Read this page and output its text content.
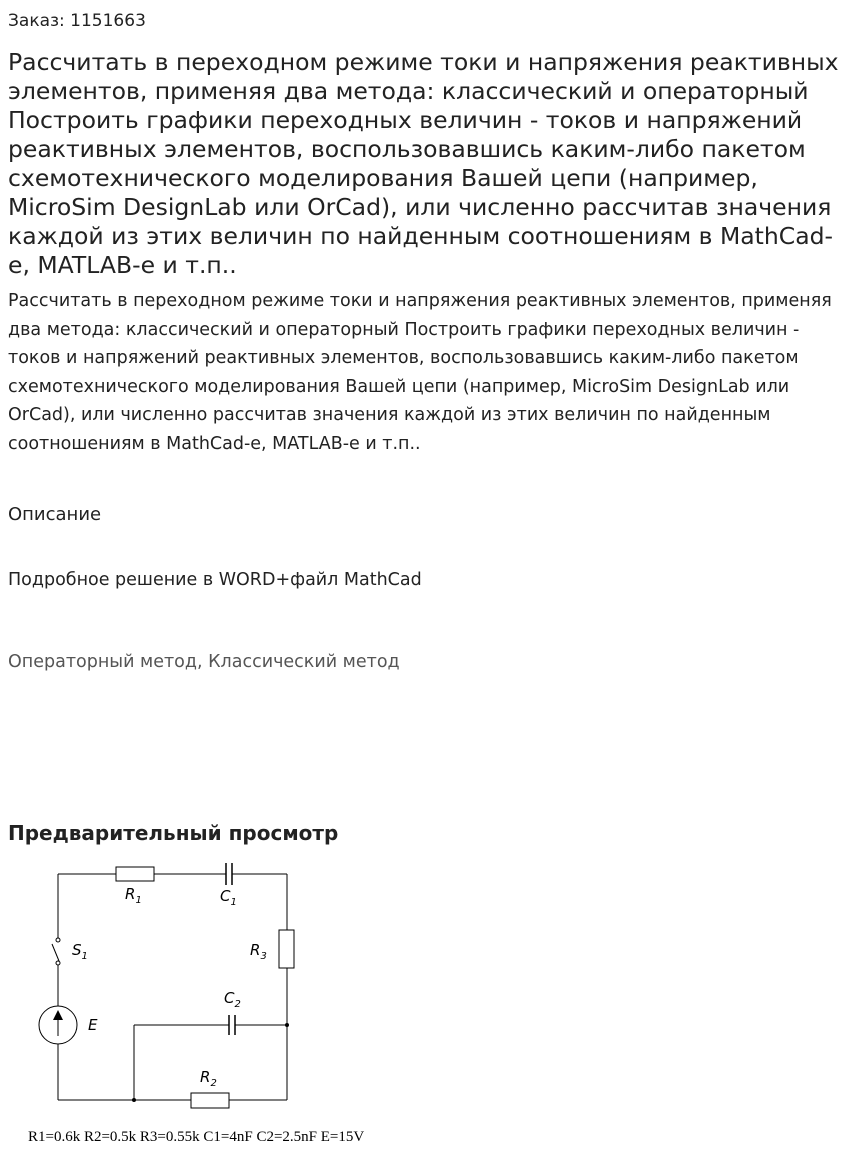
Заказ: 1151663
Рассчитать в переходном режиме токи и напряжения реактивных элементов, применяя два метода: классический и операторный Построить графики переходных величин - токов и напряжений реактивных элементов, воспользовавшись каким-либо пакетом схемотехнического моделирования Вашей цепи (например, MicroSim DesignLab или OrCad), или численно рассчитав значения каждой из этих величин по найденным соотношениям в MathCad-е, MATLAB-е и т.п..

Рассчитать в переходном режиме токи и напряжения реактивных элементов, применяя два метода: классический и операторный Построить графики переходных величин - токов и напряжений реактивных элементов, воспользовавшись каким-либо пакетом схемотехнического моделирования Вашей цепи (например, MicroSim DesignLab или OrCad), или численно рассчитав значения каждой из этих величин по найденным соотношениям в MathCad-е, MATLAB-е и т.п..

Описание
Подробное решение в WORD+файл MathCad
Операторный метод, Классический метод
Предварительный просмотр
$R_1$	$C_1$
$R_3$
$S_1$
$C_2$
E
$R_2$
R1=0.6k R2=0.5k R3=0.55k C1=4nF C2=2.5nF E=15V
